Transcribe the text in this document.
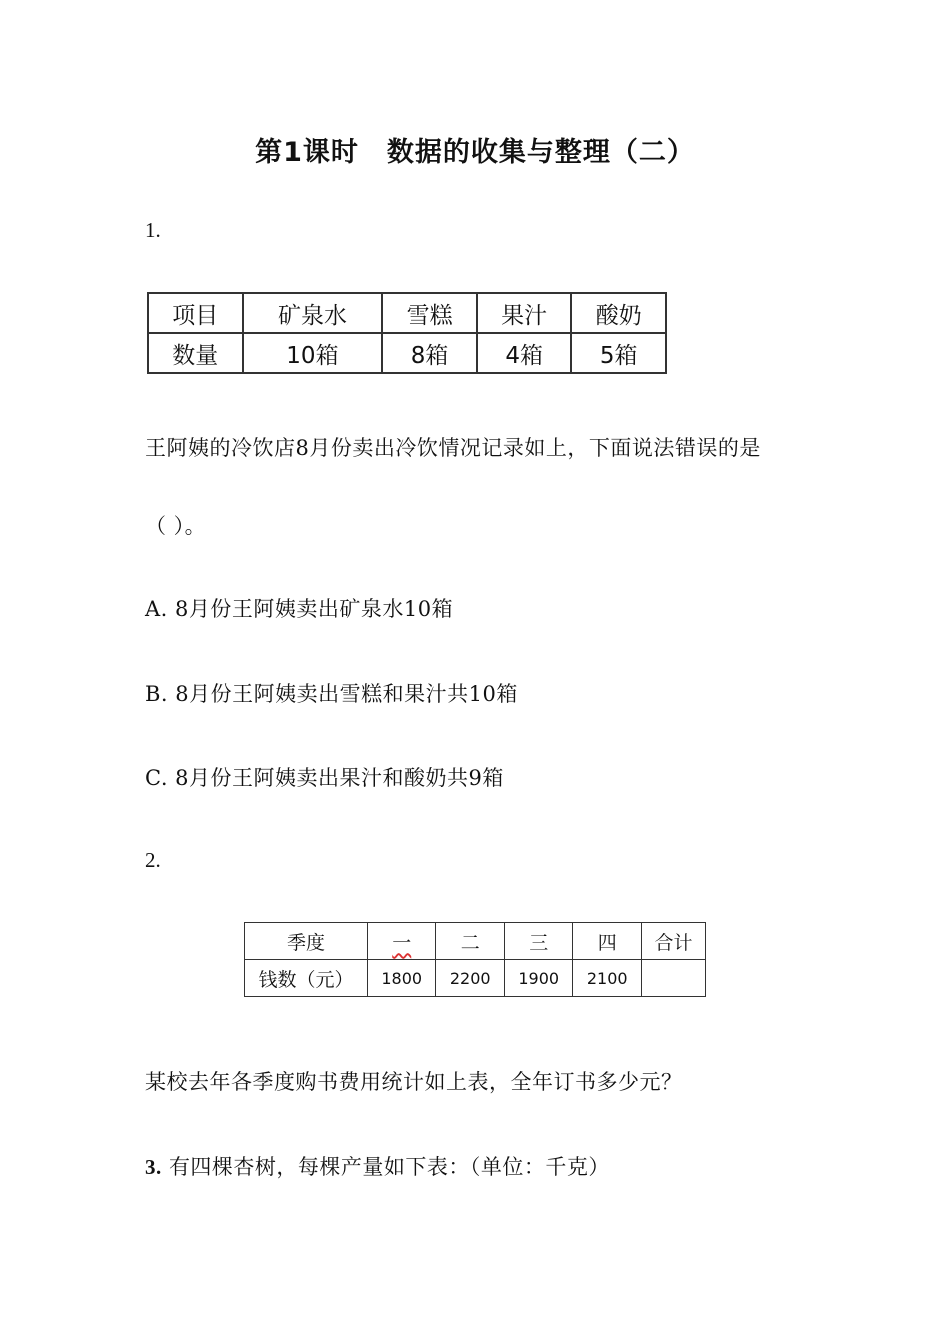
第1课时　数据的收集与整理（二）
1.
项目	矿泉水	雪糕	果汁	酸奶
数量	10箱	8箱	4箱	5箱
王阿姨的冷饮店8月份卖出冷饮情况记录如上，下面说法错误的是
（ ）。
A. 8月份王阿姨卖出矿泉水10箱
B. 8月份王阿姨卖出雪糕和果汁共10箱
C. 8月份王阿姨卖出果汁和酸奶共9箱
2.
季度	一	二	三	四	合计
钱数（元）	1800	2200	1900	2100	
某校去年各季度购书费用统计如上表，全年订书多少元？
3. 有四棵杏树，每棵产量如下表：（单位：千克）
